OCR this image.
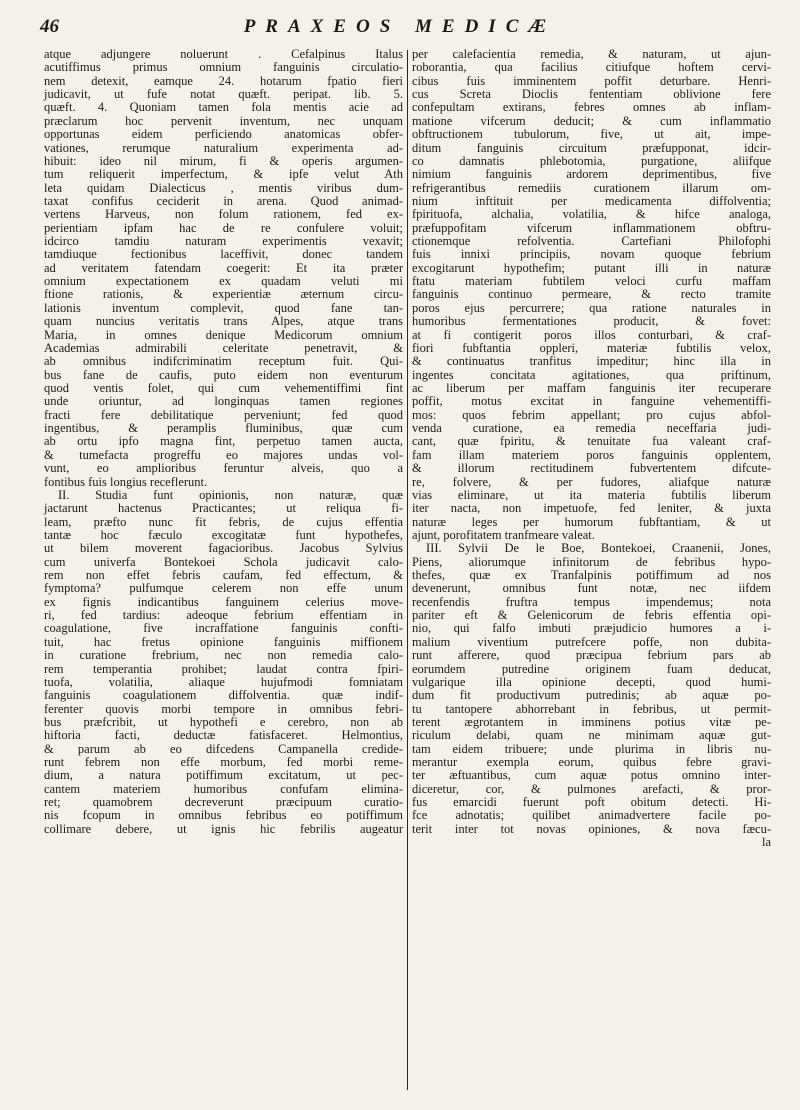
46	PRAXEOS MEDICÆ
atque adjungere noluerunt . Cefalpinus Italus
acutiffimus primus omnium fanguinis circulatio-
nem detexit, eamque 24. hotarum fpatio fieri
judicavit, ut fufe notat quæft. peripat. lib. 5.
quæft. 4. Quoniam tamen fola mentis acie ad
præclarum hoc pervenit inventum, nec unquam
opportunas eidem perficiendo anatomicas obfer-
vationes, rerumque naturalium experimenta ad-
hibuit: ideo nil mirum, fi & operis argumen-
tum reliquerit imperfectum, & ipfe velut Ath
leta quidam Dialecticus , mentis viribus dum-
taxat confifus ceciderit in arena. Quod animad-
vertens Harveus, non folum rationem, fed ex-
perientiam ipfam hac de re confulere voluit;
idcirco tamdiu naturam experimentis vexavit;
tamdiuque fectionibus laceffivit, donec tandem
ad veritatem fatendam coegerit: Et ita præter
omnium expectationem ex quadam veluti mi
ftione rationis, & experientiæ æternum circu-
lationis inventum complevit, quod fane tan-
quam nuncius veritatis trans Alpes, atque trans
Maria, in omnes denique Medicorum omnium
Academias admirabili celeritate penetravit, &
ab omnibus indifcriminatim receptum fuit. Qui-
bus fane de caufis, puto eidem non eventurum
quod ventis folet, qui cum vehementiffimi fint
unde oriuntur, ad longinquas tamen regiones
fracti fere debilitatique perveniunt; fed quod
ingentibus, & peramplis fluminibus, quæ cum
ab ortu ipfo magna fint, perpetuo tamen aucta,
& tumefacta progreffu eo majores undas vol-
vunt, eo amplioribus feruntur alveis, quo a
fontibus fuis longius receflerunt.
II. Studia funt opinionis, non naturæ, quæ
jactarunt hactenus Practicantes; ut reliqua fi-
leam, præfto nunc fit febris, de cujus effentia
tantæ hoc fæculo excogitatæ funt hypothefes,
ut bilem moverent fagacioribus. Jacobus Sylvius
cum univerfa Bontekoei Schola judicavit calo-
rem non effet febris caufam, fed effectum, &
fymptoma? pulfumque celerem non effe unum
ex fignis indicantibus fanguinem celerius move-
ri, fed tardius: adeoque febrium effentiam in
coagulatione, five incraffatione fanguinis confti-
tuit, hac fretus opinione fanguinis miffionem
in curatione frebrium, nec non remedia calo-
rem temperantia prohibet; laudat contra fpiri-
tuofa, volatilia, aliaque hujufmodi fomniatam
fanguinis coagulationem diffolventia. quæ indif-
ferenter quovis morbi tempore in omnibus febri-
bus præfcribit, ut hypothefi e cerebro, non ab
hiftoria facti, deductæ fatisfaceret. Helmontius,
& parum ab eo difcedens Campanella credide-
runt febrem non effe morbum, fed morbi reme-
dium, a natura potiffimum excitatum, ut pec-
cantem materiem humoribus confufam elimina-
ret; quamobrem decreverunt præcipuum curatio-
nis fcopum in omnibus febribus eo potiffimum
collimare debere, ut ignis hic febrilis augeatur
per calefacientia remedia, & naturam, ut ajun-
roborantia, qua facilius citiufque hoftem cervi-
cibus fuis imminentem poffit deturbare. Henri-
cus Screta Dioclis fententiam oblivione fere
confepultam extirans, febres omnes ab inflam-
matione vifcerum deducit; & cum inflammatio
obftructionem tubulorum, five, ut ait, impe-
ditum fanguinis circuitum præfupponat, idcir-
co damnatis phlebotomia, purgatione, aliifque
nimium fanguinis ardorem deprimentibus, five
refrigerantibus remediis curationem illarum om-
nium inftituit per medicamenta diffolventia;
fpirituofa, alchalia, volatilia, & hifce analoga,
præfuppofitam vifcerum inflammationem obftru-
ctionemque refolventia. Cartefiani Philofophi
fuis innixi principiis, novam quoque febrium
excogitarunt hypothefim; putant illi in naturæ
ftatu materiam fubtilem veloci curfu maffam
fanguinis continuo permeare, & recto tramite
poros ejus percurrere; qua ratione naturales in
humoribus fermentationes producit, & fovet:
at fi contigerit poros illos conturbari, & craf-
fiori fubftantia oppleri, materiæ fubtilis velox,
& continuatus tranfitus impeditur; hinc illa in
ingentes concitata agitationes, qua priftinum,
ac liberum per maffam fanguinis iter recuperare
poffit, motus excitat in fanguine vehementiffi-
mos: quos febrim appellant; pro cujus abfol-
venda curatione, ea remedia neceffaria judi-
cant, quæ fpiritu, & tenuitate fua valeant craf-
fam illam materiem poros fanguinis opplentem,
& illorum rectitudinem fubvertentem difcute-
re, folvere, & per fudores, aliafque naturæ
vias eliminare, ut ita materia fubtilis liberum
iter nacta, non impetuofe, fed leniter, & juxta
naturæ leges per humorum fubftantiam, & ut
ajunt, porofitatem tranfmeare valeat.
III. Sylvii De le Boe, Bontekoei, Craanenii, Jones,
Piens, aliorumque infinitorum de febribus hypo-
thefes, quæ ex Tranfalpinis potiffimum ad nos
devenerunt, omnibus funt notæ, nec iifdem
recenfendis fruftra tempus impendemus; nota
pariter eft & Gelenicorum de febris effentia opi-
nio, qui falfo imbuti præjudicio humores a i-
malium viventium putrefcere poffe, non dubita-
runt afferere, quod præcipua febrium pars ab
eorumdem putredine originem fuam deducat,
vulgarique illa opinione decepti, quod humi-
dum fit productivum putredinis; ab aquæ po-
tu tantopere abhorrebant in febribus, ut permit-
terent ægrotantem in imminens potius vitæ pe-
riculum delabi, quam ne minimam aquæ gut-
tam eidem tribuere; unde plurima in libris nu-
merantur exempla eorum, quibus febre gravi-
ter æftuantibus, cum aquæ potus omnino inter-
diceretur, cor, & pulmones arefacti, & pror-
fus emarcidi fuerunt poft obitum detecti. Hi-
fce adnotatis; quilibet animadvertere facile po-
terit inter tot novas opiniones, & nova fæcu-
la
